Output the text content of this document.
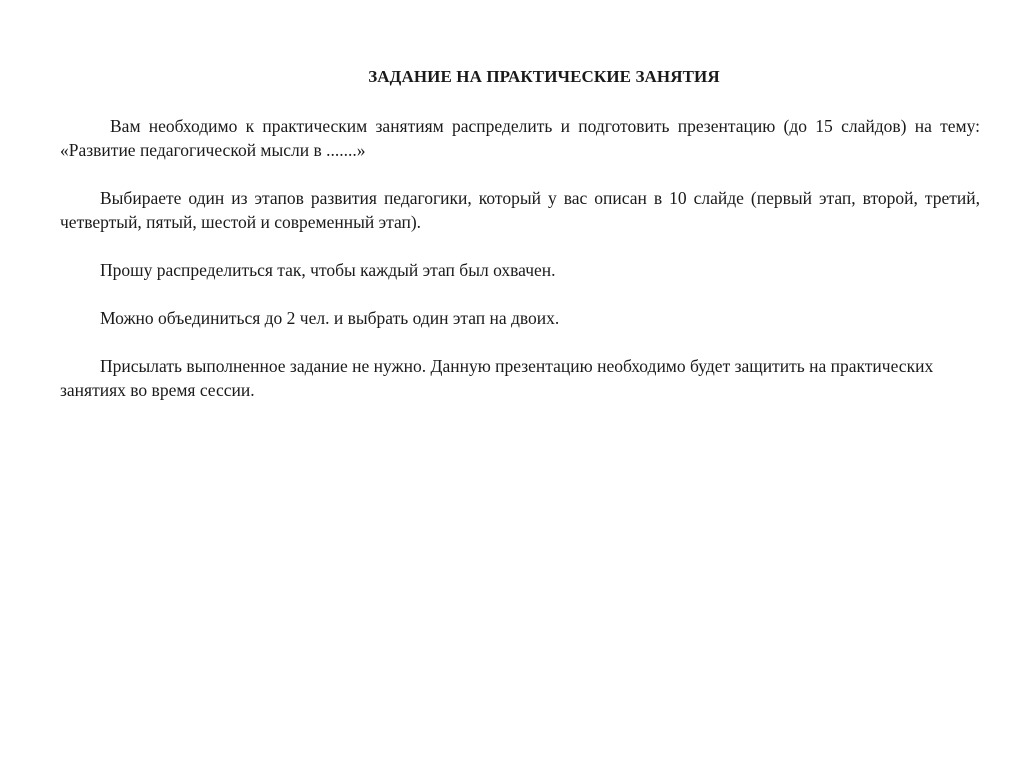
ЗАДАНИЕ НА ПРАКТИЧЕСКИЕ ЗАНЯТИЯ

Вам необходимо к практическим занятиям распределить и подготовить презентацию (до 15 слайдов) на тему: «Развитие педагогической мысли в .......»

Выбираете один из этапов развития педагогики, который у вас описан в 10 слайде (первый этап, второй, третий, четвертый, пятый, шестой и современный этап).

Прошу распределиться так, чтобы каждый этап был охвачен.

Можно объединиться до 2 чел. и выбрать один этап на двоих.

Присылать выполненное задание не нужно. Данную презентацию необходимо будет защитить на практических занятиях во время сессии.
